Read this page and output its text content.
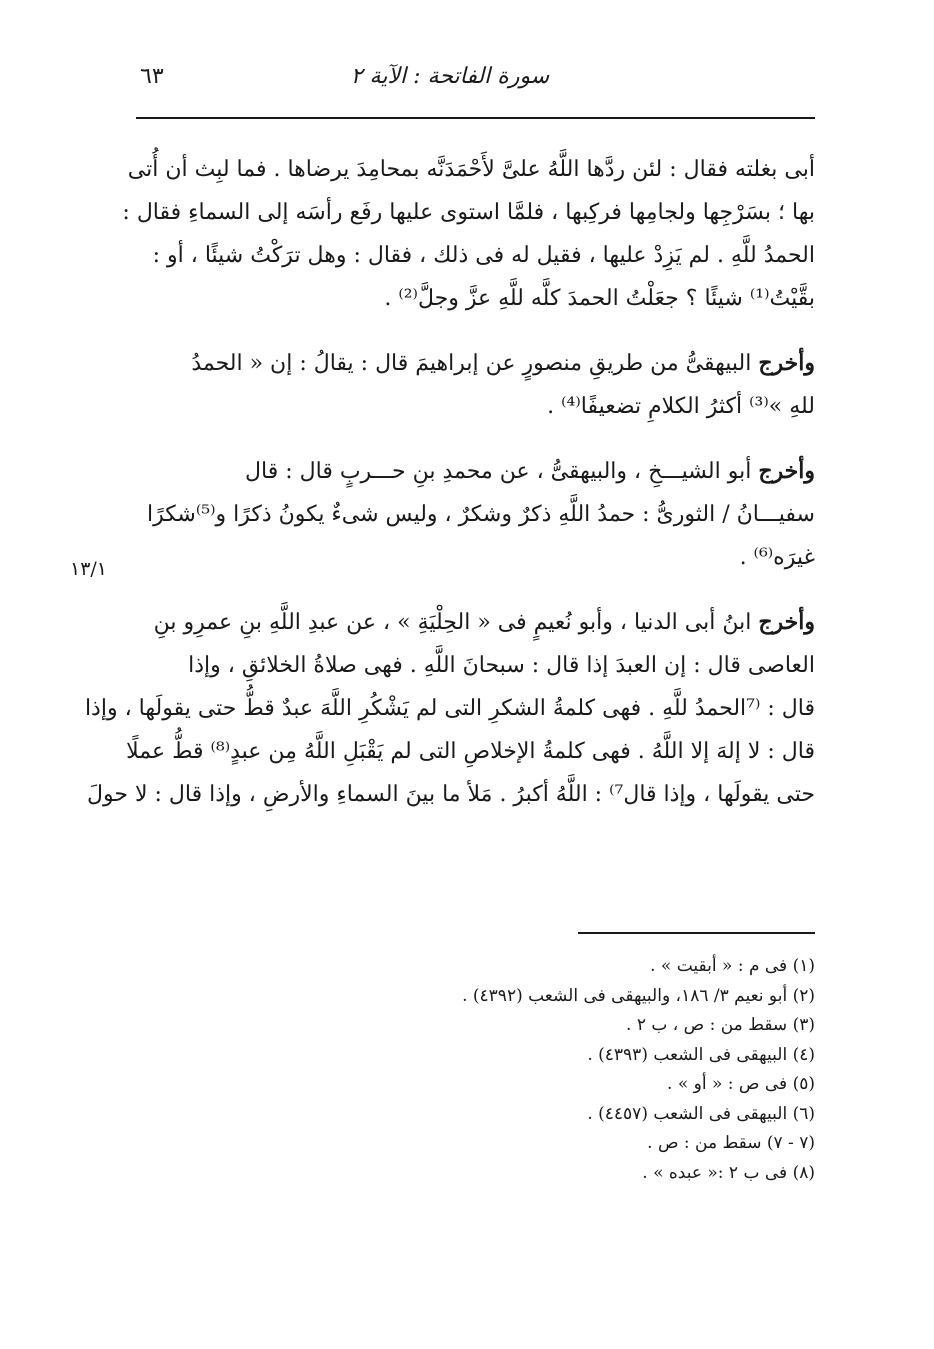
٦٣	سورة الفاتحة : الآية ٢
١٣/١
أبى بغلته فقال : لئن ردَّها اللَّهُ علىَّ لأَحْمَدَنَّه بمحامِدَ يرضاها . فما لبِث أن أُتى
بها ؛ بسَرْجِها ولجامِها فركِبها ، فلمَّا استوى عليها رفَع رأسَه إلى السماءِ فقال :
الحمدُ للَّهِ . لم يَزِدْ عليها ، فقيل له فى ذلك ، فقال : وهل ترَكْتُ شيئًا ، أو :
بقَّيْتُ⁽¹⁾ شيئًا ؟ جعَلْتُ الحمدَ كلَّه للَّهِ عزَّ وجلَّ⁽²⁾ .
وأخرج البيهقىُّ من طريقِ منصورٍ عن إبراهيمَ قال : يقالُ : إن « الحمدُ
للهِ »⁽³⁾ أكثرُ الكلامِ تضعيفًا⁽⁴⁾ .
وأخرج أبو الشيـــخِ ، والبيهقىُّ ، عن محمدِ بنِ حـــربٍ قال : قال
سفيـــانُ / الثورىُّ : حمدُ اللَّهِ ذكرٌ وشكرٌ ، وليس شىءٌ يكونُ ذكرًا و⁽⁵⁾شكرًا
غيرَه⁽⁶⁾ .
وأخرج ابنُ أبى الدنيا ، وأبو نُعيمٍ فى « الحِلْيَةِ » ، عن عبدِ اللَّهِ بنِ عمرِو بنِ
العاصى قال : إن العبدَ إذا قال : سبحانَ اللَّهِ . فهى صلاةُ الخلائقِ ، وإذا
قال : ⁽⁷الحمدُ للَّهِ . فهى كلمةُ الشكرِ التى لم يَشْكُرِ اللَّهَ عبدٌ قطُّ حتى يقولَها ، وإذا
قال : لا إلهَ إلا اللَّهُ . فهى كلمةُ الإخلاصِ التى لم يَقْبَلِ اللَّهُ مِن عبدٍ⁽⁸⁾ قطُّ عملًا
حتى يقولَها ، وإذا قال⁷⁾ : اللَّهُ أكبرُ . مَلأ ما بينَ السماءِ والأرضِ ، وإذا قال : لا حولَ
(١) فى م : « أبقيت » .
(٢) أبو نعيم ٣/ ١٨٦، والبيهقى فى الشعب (٤٣٩٢) .
(٣) سقط من : ص ، ب ٢ .
(٤) البيهقى فى الشعب (٤٣٩٣) .
(٥) فى ص : « أو » .
(٦) البيهقى فى الشعب (٤٤٥٧) .
(٧ - ٧) سقط من : ص .
(٨) فى ب ٢ :« عبده » .
